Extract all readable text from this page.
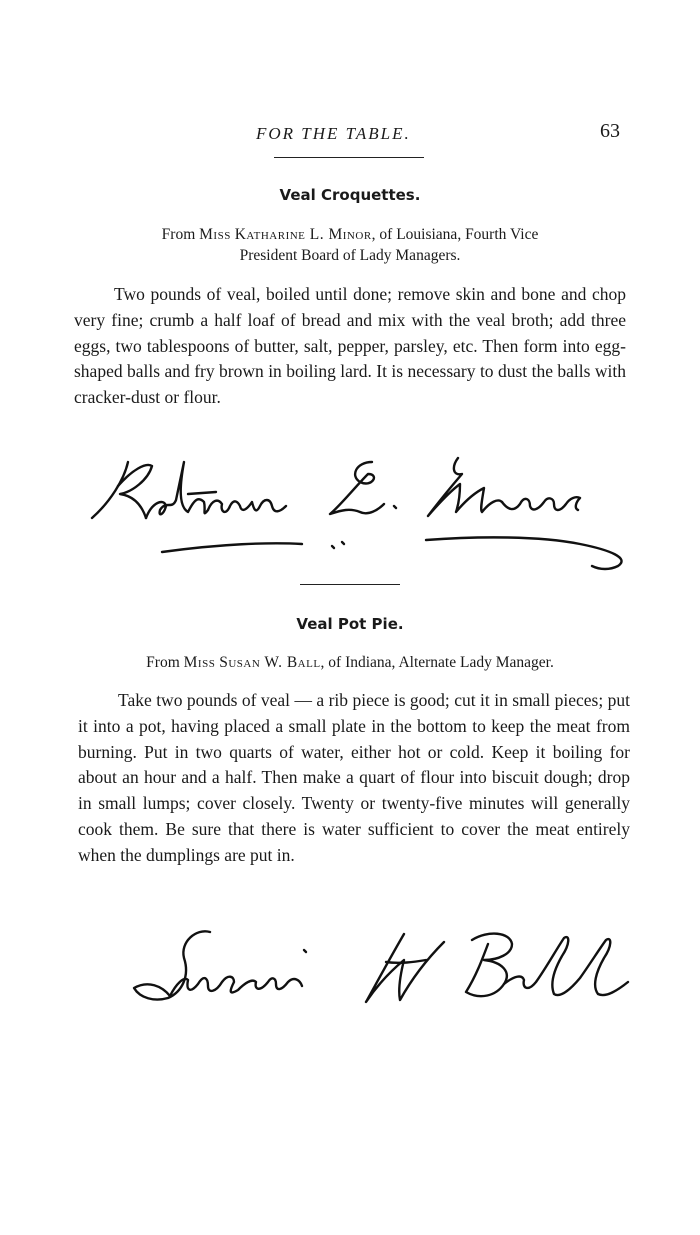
FOR THE TABLE.	63
Veal Croquettes.
From Miss Katharine L. Minor, of Louisiana, Fourth Vice
President Board of Lady Managers.
Two pounds of veal, boiled until done; remove skin and bone and chop very fine; crumb a half loaf of bread and mix with the veal broth; add three eggs, two tablespoons of butter, salt, pepper, parsley, etc. Then form into egg-shaped balls and fry brown in boiling lard. It is necessary to dust the balls with cracker-dust or flour.
Veal Pot Pie.
From Miss Susan W. Ball, of Indiana, Alternate Lady Manager.
Take two pounds of veal — a rib piece is good; cut it in small pieces; put it into a pot, having placed a small plate in the bottom to keep the meat from burning. Put in two quarts of water, either hot or cold. Keep it boiling for about an hour and a half. Then make a quart of flour into biscuit dough; drop in small lumps; cover closely. Twenty or twenty-five minutes will generally cook them. Be sure that there is water sufficient to cover the meat entirely when the dumplings are put in.
